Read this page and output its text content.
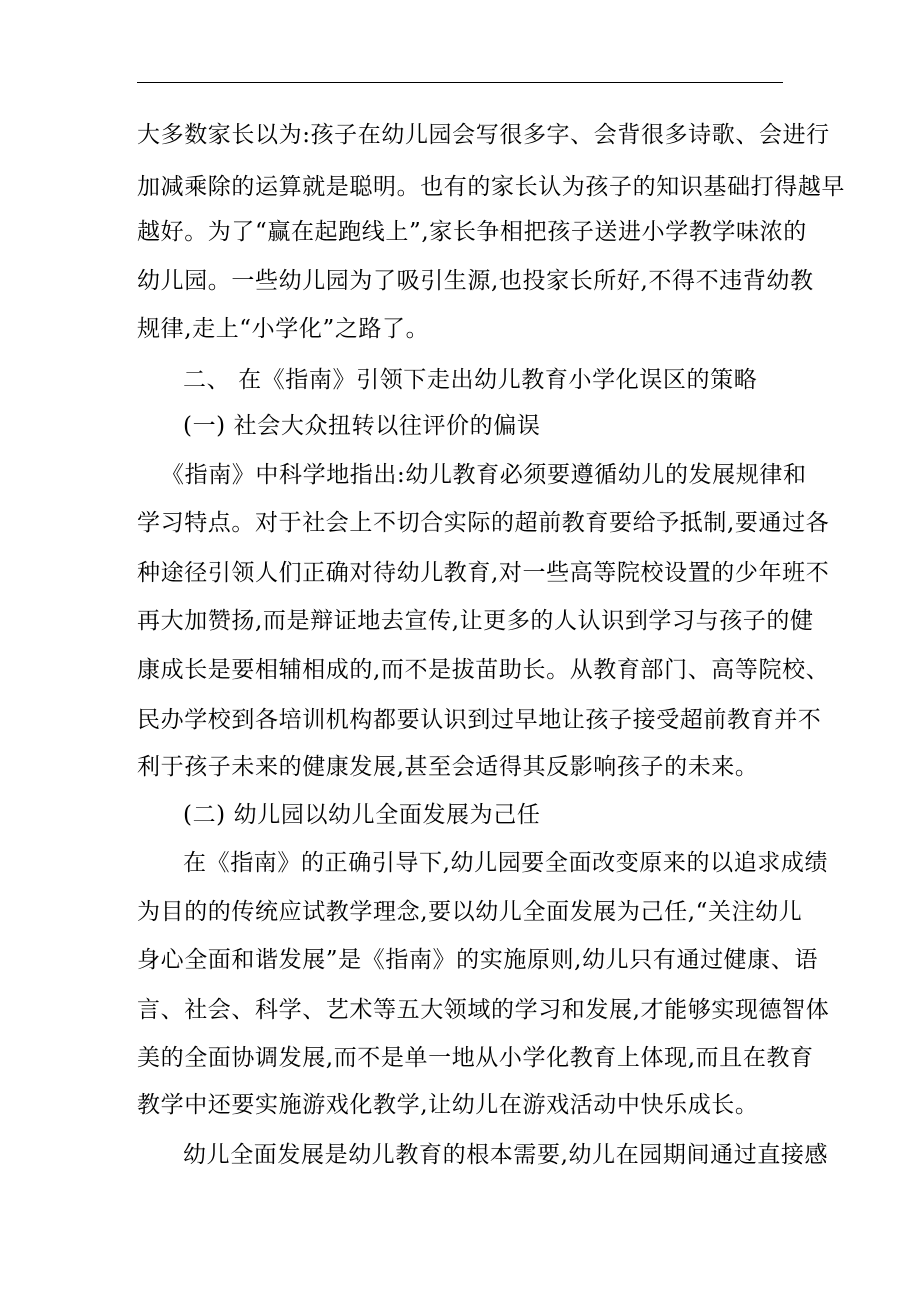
大多数家长以为:孩子在幼儿园会写很多字、会背很多诗歌、会进行
加减乘除的运算就是聪明。也有的家长认为孩子的知识基础打得越早
越好。为了“赢在起跑线上”,家长争相把孩子送进小学教学味浓的
幼儿园。一些幼儿园为了吸引生源,也投家长所好,不得不违背幼教
规律,走上“小学化”之路了。
二、 在《指南》引领下走出幼儿教育小学化误区的策略
(一) 社会大众扭转以往评价的偏误
《指南》中科学地指出:幼儿教育必须要遵循幼儿的发展规律和
学习特点。对于社会上不切合实际的超前教育要给予抵制,要通过各
种途径引领人们正确对待幼儿教育,对一些高等院校设置的少年班不
再大加赞扬,而是辩证地去宣传,让更多的人认识到学习与孩子的健
康成长是要相辅相成的,而不是拔苗助长。从教育部门、高等院校、
民办学校到各培训机构都要认识到过早地让孩子接受超前教育并不
利于孩子未来的健康发展,甚至会适得其反影响孩子的未来。
(二) 幼儿园以幼儿全面发展为己任
在《指南》的正确引导下,幼儿园要全面改变原来的以追求成绩
为目的的传统应试教学理念,要以幼儿全面发展为己任,“关注幼儿
身心全面和谐发展”是《指南》的实施原则,幼儿只有通过健康、语
言、社会、科学、艺术等五大领域的学习和发展,才能够实现德智体
美的全面协调发展,而不是单一地从小学化教育上体现,而且在教育
教学中还要实施游戏化教学,让幼儿在游戏活动中快乐成长。
幼儿全面发展是幼儿教育的根本需要,幼儿在园期间通过直接感
